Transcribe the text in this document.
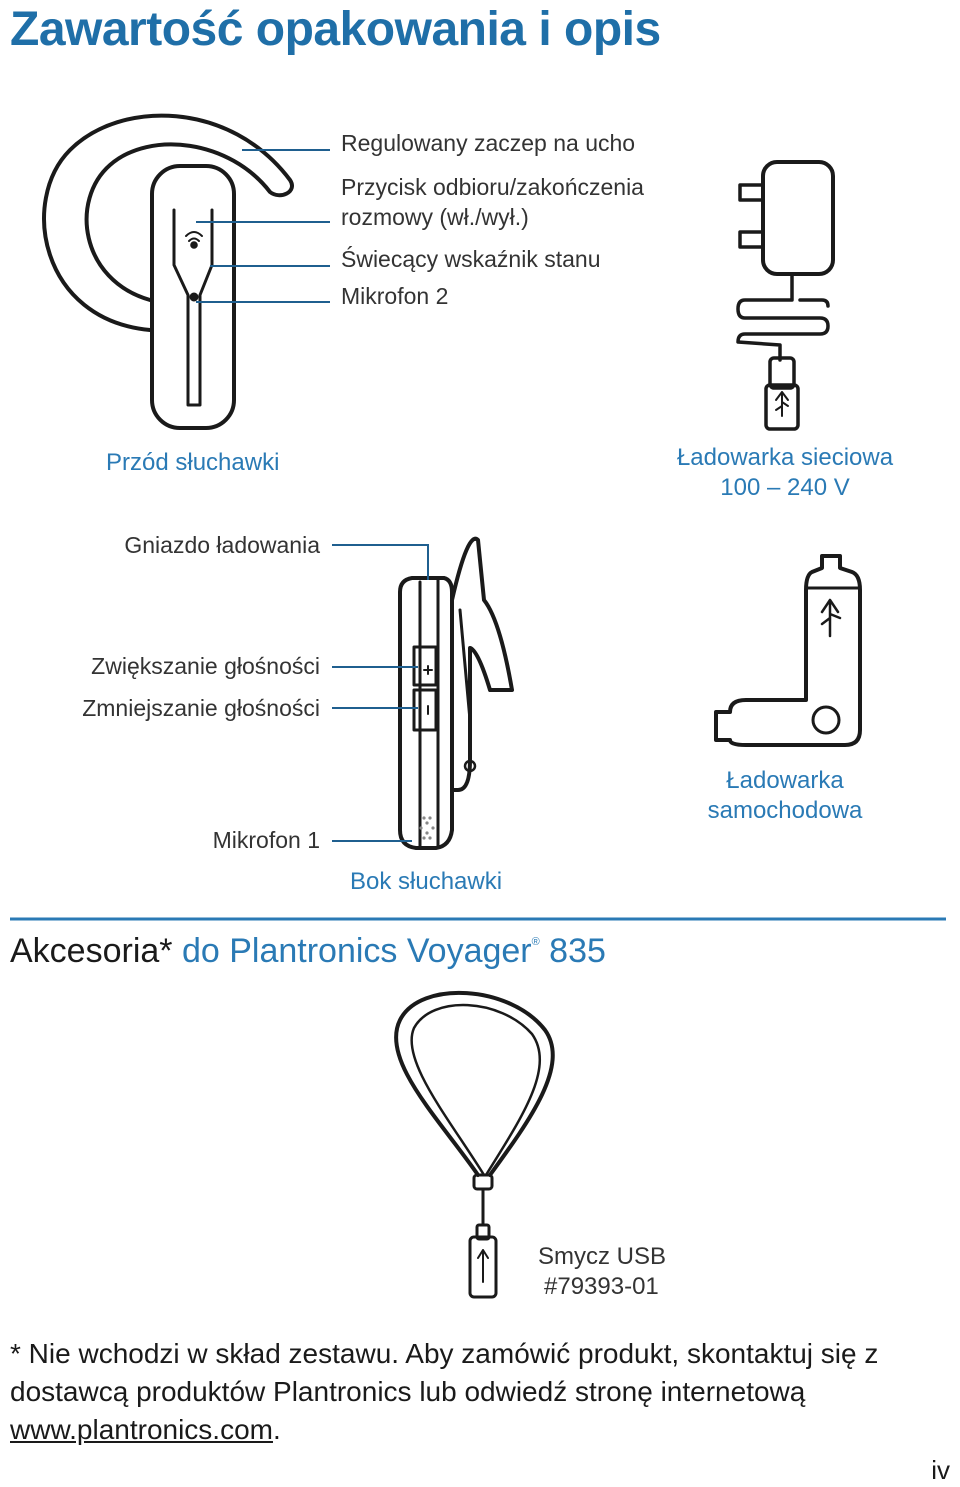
Zawartość opakowania i opis
Regulowany zaczep na ucho
Przycisk odbioru/zakończenia
rozmowy (wł./wył.)
Świecący wskaźnik stanu
Mikrofon 2
Przód słuchawki	Ładowarka sieciowa
100 – 240 V
Gniazdo ładowania
Zwiększanie głośności
Zmniejszanie głośności
Mikrofon 1
Bok słuchawki
Ładowarka
samochodowa
Akcesoria* do Plantronics Voyager® 835
Smycz USB
#79393-01
* Nie wchodzi w skład zestawu. Aby zamówić produkt, skontaktuj się z dostawcą produktów Plantronics lub odwiedź stronę internetową www.plantronics.com.
iv
